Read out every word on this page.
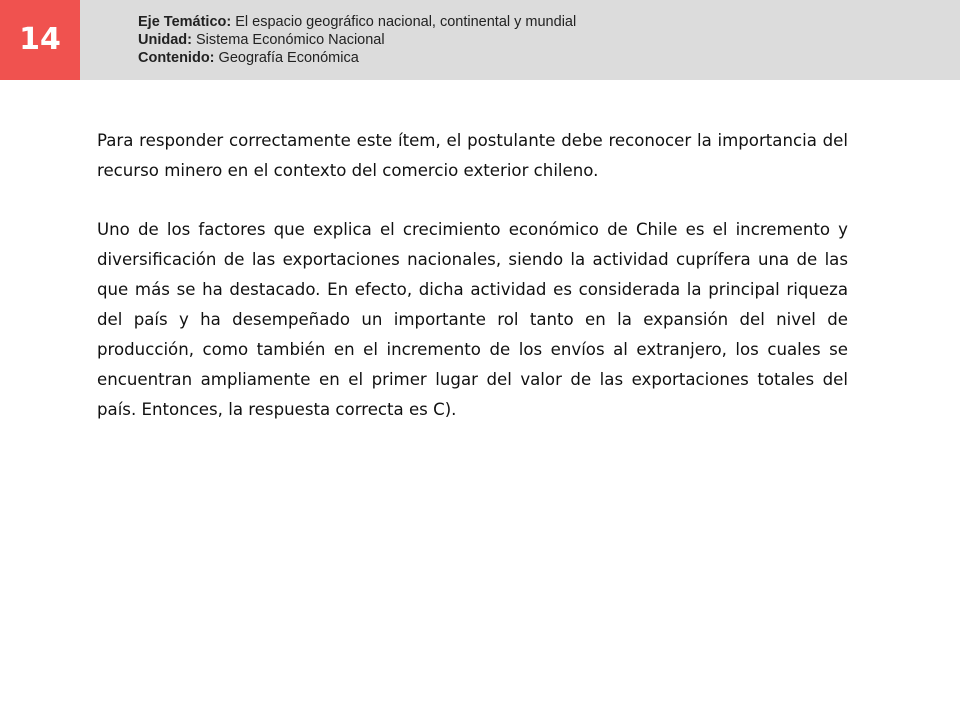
14	Eje Temático: El espacio geográfico nacional, continental y mundial
Unidad: Sistema Económico Nacional
Contenido: Geografía Económica

Para responder correctamente este ítem, el postulante debe reconocer la importancia del recurso minero en el contexto del comercio exterior chileno.

Uno de los factores que explica el crecimiento económico de Chile es el incremento y diversificación de las exportaciones nacionales, siendo la actividad cuprífera una de las que más se ha destacado. En efecto, dicha actividad es considerada la principal riqueza del país y ha desempeñado un importante rol tanto en la expansión del nivel de producción, como también en el incremento de los envíos al extranjero, los cuales se encuentran ampliamente en el primer lugar del valor de las exportaciones totales del país. Entonces, la respuesta correcta es C).
